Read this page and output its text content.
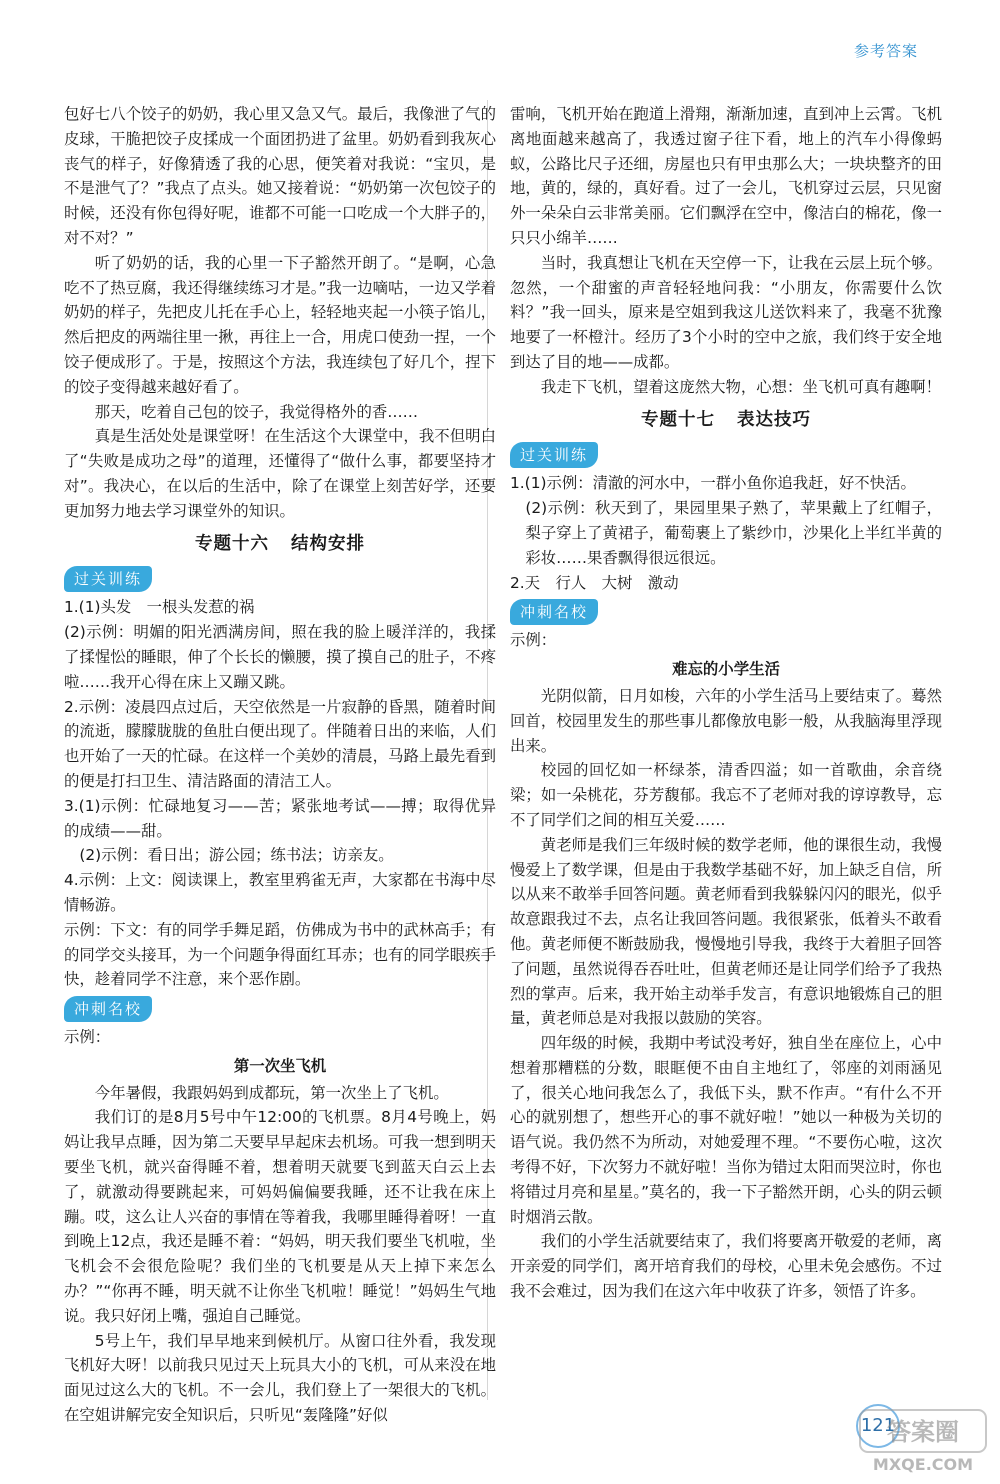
参考答案

包好七八个饺子的奶奶，我心里又急又气。最后，我像泄了气的皮球，干脆把饺子皮揉成一个面团扔进了盆里。奶奶看到我灰心丧气的样子，好像猜透了我的心思，便笑着对我说：“宝贝，是不是泄气了？”我点了点头。她又接着说：“奶奶第一次包饺子的时候，还没有你包得好呢，谁都不可能一口吃成一个大胖子的，对不对？”

听了奶奶的话，我的心里一下子豁然开朗了。“是啊，心急吃不了热豆腐，我还得继续练习才是。”我一边嘀咕，一边又学着奶奶的样子，先把皮儿托在手心上，轻轻地夹起一小筷子馅儿，然后把皮的两端往里一揪，再往上一合，用虎口使劲一捏，一个饺子便成形了。于是，按照这个方法，我连续包了好几个，捏下的饺子变得越来越好看了。

那天，吃着自己包的饺子，我觉得格外的香……

真是生活处处是课堂呀！在生活这个大课堂中，我不但明白了“失败是成功之母”的道理，还懂得了“做什么事，都要坚持才对”。我决心，在以后的生活中，除了在课堂上刻苦好学，还要更加努力地去学习课堂外的知识。

专题十六 结构安排
过关训练

1.(1)头发　一根头发惹的祸

(2)示例：明媚的阳光洒满房间，照在我的脸上暖洋洋的，我揉了揉惺忪的睡眼，伸了个长长的懒腰，摸了摸自己的肚子，不疼啦……我开心得在床上又蹦又跳。

2.示例：凌晨四点过后，天空依然是一片寂静的昏黑，随着时间的流逝，朦朦胧胧的鱼肚白便出现了。伴随着日出的来临，人们也开始了一天的忙碌。在这样一个美妙的清晨，马路上最先看到的便是打扫卫生、清洁路面的清洁工人。

3.(1)示例：忙碌地复习——苦；紧张地考试——搏；取得优异的成绩——甜。

(2)示例：看日出；游公园；练书法；访亲友。

4.示例：上文：阅读课上，教室里鸦雀无声，大家都在书海中尽情畅游。

示例：下文：有的同学手舞足蹈，仿佛成为书中的武林高手；有的同学交头接耳，为一个问题争得面红耳赤；也有的同学眼疾手快，趁着同学不注意，来个恶作剧。

冲刺名校

示例：

第一次坐飞机

今年暑假，我跟妈妈到成都玩，第一次坐上了飞机。

我们订的是8月5号中午12:00的飞机票。8月4号晚上，妈妈让我早点睡，因为第二天要早早起床去机场。可我一想到明天要坐飞机，就兴奋得睡不着，想着明天就要飞到蓝天白云上去了，就激动得要跳起来，可妈妈偏偏要我睡，还不让我在床上蹦。哎，这么让人兴奋的事情在等着我，我哪里睡得着呀！一直到晚上12点，我还是睡不着：“妈妈，明天我们要坐飞机啦，坐飞机会不会很危险呢？我们坐的飞机要是从天上掉下来怎么办？”“你再不睡，明天就不让你坐飞机啦！睡觉！”妈妈生气地说。我只好闭上嘴，强迫自己睡觉。

5号上午，我们早早地来到候机厅。从窗口往外看，我发现飞机好大呀！以前我只见过天上玩具大小的飞机，可从来没在地面见过这么大的飞机。不一会儿，我们登上了一架很大的飞机。在空姐讲解完安全知识后，只听见“轰隆隆”好似

雷响，飞机开始在跑道上滑翔，渐渐加速，直到冲上云霄。飞机离地面越来越高了，我透过窗子往下看，地上的汽车小得像蚂蚁，公路比尺子还细，房屋也只有甲虫那么大；一块块整齐的田地，黄的，绿的，真好看。过了一会儿，飞机穿过云层，只见窗外一朵朵白云非常美丽。它们飘浮在空中，像洁白的棉花，像一只只小绵羊……

当时，我真想让飞机在天空停一下，让我在云层上玩个够。忽然，一个甜蜜的声音轻轻地问我：“小朋友，你需要什么饮料？”我一回头，原来是空姐到我这儿送饮料来了，我毫不犹豫地要了一杯橙汁。经历了3个小时的空中之旅，我们终于安全地到达了目的地——成都。

我走下飞机，望着这庞然大物，心想：坐飞机可真有趣啊！

专题十七 表达技巧
过关训练

1.(1)示例：清澈的河水中，一群小鱼你追我赶，好不快活。

(2)示例：秋天到了，果园里果子熟了，苹果戴上了红帽子，梨子穿上了黄裙子，葡萄裹上了紫纱巾，沙果化上半红半黄的彩妆……果香飘得很远很远。

2.天　行人　大树　激动

冲刺名校

示例：

难忘的小学生活

光阴似箭，日月如梭，六年的小学生活马上要结束了。蓦然回首，校园里发生的那些事儿都像放电影一般，从我脑海里浮现出来。

校园的回忆如一杯绿茶，清香四溢；如一首歌曲，余音绕梁；如一朵桃花，芬芳馥郁。我忘不了老师对我的谆谆教导，忘不了同学们之间的相互关爱……

黄老师是我们三年级时候的数学老师，他的课很生动，我慢慢爱上了数学课，但是由于我数学基础不好，加上缺乏自信，所以从来不敢举手回答问题。黄老师看到我躲躲闪闪的眼光，似乎故意跟我过不去，点名让我回答问题。我很紧张，低着头不敢看他。黄老师便不断鼓励我，慢慢地引导我，我终于大着胆子回答了问题，虽然说得吞吞吐吐，但黄老师还是让同学们给予了我热烈的掌声。后来，我开始主动举手发言，有意识地锻炼自己的胆量，黄老师总是对我报以鼓励的笑容。

四年级的时候，我期中考试没考好，独自坐在座位上，心中想着那糟糕的分数，眼眶便不由自主地红了，邻座的刘雨涵见了，很关心地问我怎么了，我低下头，默不作声。“有什么不开心的就别想了，想些开心的事不就好啦！”她以一种极为关切的语气说。我仍然不为所动，对她爱理不理。“不要伤心啦，这次考得不好，下次努力不就好啦！当你为错过太阳而哭泣时，你也将错过月亮和星星。”莫名的，我一下子豁然开朗，心头的阴云顿时烟消云散。

我们的小学生活就要结束了，我们将要离开敬爱的老师，离开亲爱的同学们，离开培育我们的母校，心里未免会感伤。不过我不会难过，因为我们在这六年中收获了许多，领悟了许多。

121
答案圈
MXQE.COM
